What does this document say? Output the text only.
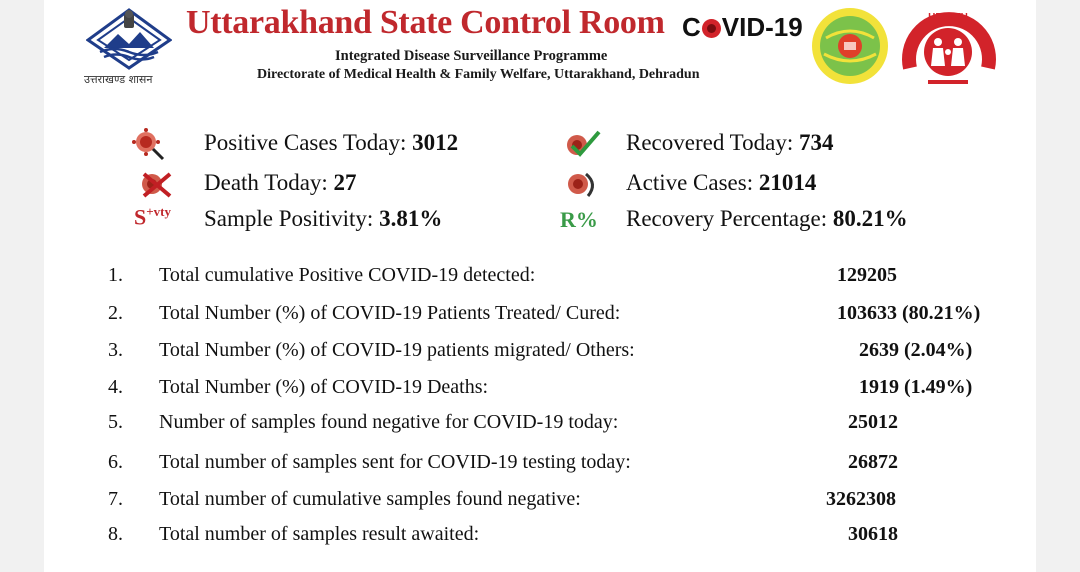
उत्तराखण्ड शासन
Uttarakhand State Control Room C VID-19
Integrated Disease Surveillance Programme
Directorate of Medical Health & Family Welfare, Uttarakhand, Dehradun
HEALTH
Positive Cases Today: 3012	Recovered Today: 734
Death Today: 27	Active Cases: 21014
$S^{+vty}$ Sample Positivity: 3.81%	R% Recovery Percentage: 80.21%
1. Total cumulative Positive COVID-19 detected:	129205
2. Total Number (%) of COVID-19 Patients Treated/ Cured:	103633 (80.21%)
3. Total Number (%) of COVID-19 patients migrated/ Others:	2639 (2.04%)
4. Total Number (%) of COVID-19 Deaths:	1919 (1.49%)
5. Number of samples found negative for COVID-19 today:	25012
6. Total number of samples sent for COVID-19 testing today:	26872
7. Total number of cumulative samples found negative:	3262308
8. Total number of samples result awaited:	30618
